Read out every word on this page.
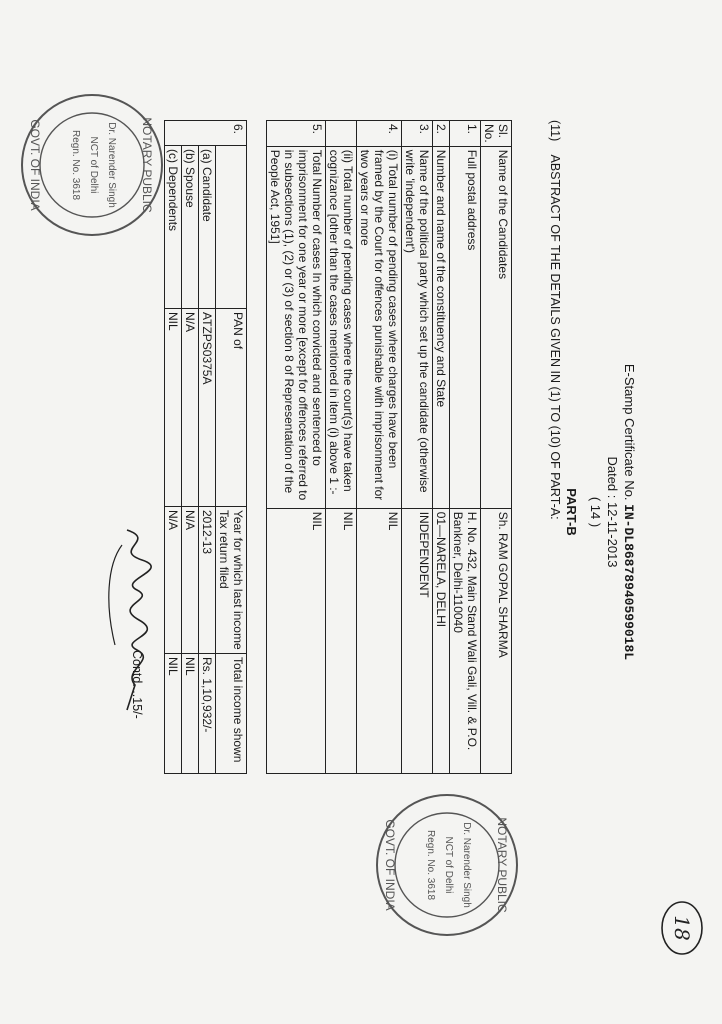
E-Stamp Certificate No. IN-DL86878940599018L
Dated : 12-11-2013
( 14 )
PART-B
(11)    ABSTRACT OF THE DETAILS GIVEN IN (1) TO (10) OF PART-A:
Sl.
No.	Name of the Candidates	Sh. RAM GOPAL SHARMA
1.	Full postal address	H. No. 432, Main Stand Wali Gali, Vill. & P.O. Bankner, Delhi-110040
2.	Number and name of the constituency and State	01—NARELA, DELHI
3.	Name of the political party which set up the candidate (otherwise write 'independent')	INDEPENDENT
4.	(i) Total number of pending cases where charges have been framed by the Court for offences punishable with imprisonment for two years or more	NIL
	(ii) Total number of pending cases where the court(s) have taken cognizance [other than the cases mentioned in item (i) above 1 :-	NIL
5.	Total Number of cases In which convicted and sentenced to imprisonment for one year or more [except for offences referred to in subsections (1), (2) or (3) of section 8 of Representation of the People Act, 1951]	NIL
6.		PAN of	Year for which last income Tax return filed	Total income shown
	(a) Candidate	ATZPS0375A	2012-13	Rs. 1,10,932/-
	(b) Spouse	N/A	N/A	NIL
	(c) Dependents	NIL	N/A	NIL
Contd....15/-
NOTARY PUBLIC
Dr. Narender Singh
NCT of Delhi
Regn. No. 3618
GOVT. OF INDIA
NOTARY PUBLIC
Dr. Narender Singh
NCT of Delhi
Regn. No. 3618
GOVT. OF INDIA
18
